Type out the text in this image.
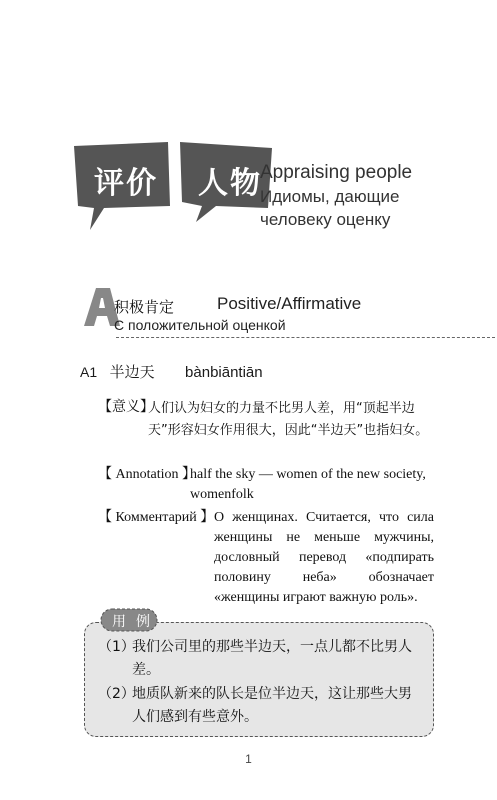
评价 人物
Appraising people
Идиомы, дающие
человеку оценку
积极肯定	Positive/Affirmative
С положительной оценкой
A1 半边天 bànbiāntiān
【意义】
人们认为妇女的力量不比男人差，用“顶起半边天”形容妇女作用很大，因此“半边天”也指妇女。
【 Annotation 】
half the sky — women of the new society, womenfolk
【 Комментарий 】 О женщинах. Считается, что сила женщины не меньше мужчины, дословный перевод «подпирать половину неба» обозначает «женщины играют важную роль».
用例
（1）
我们公司里的那些半边天，一点儿都不比男人差。
（2）
地质队新来的队长是位半边天，这让那些大男人们感到有些意外。
1
